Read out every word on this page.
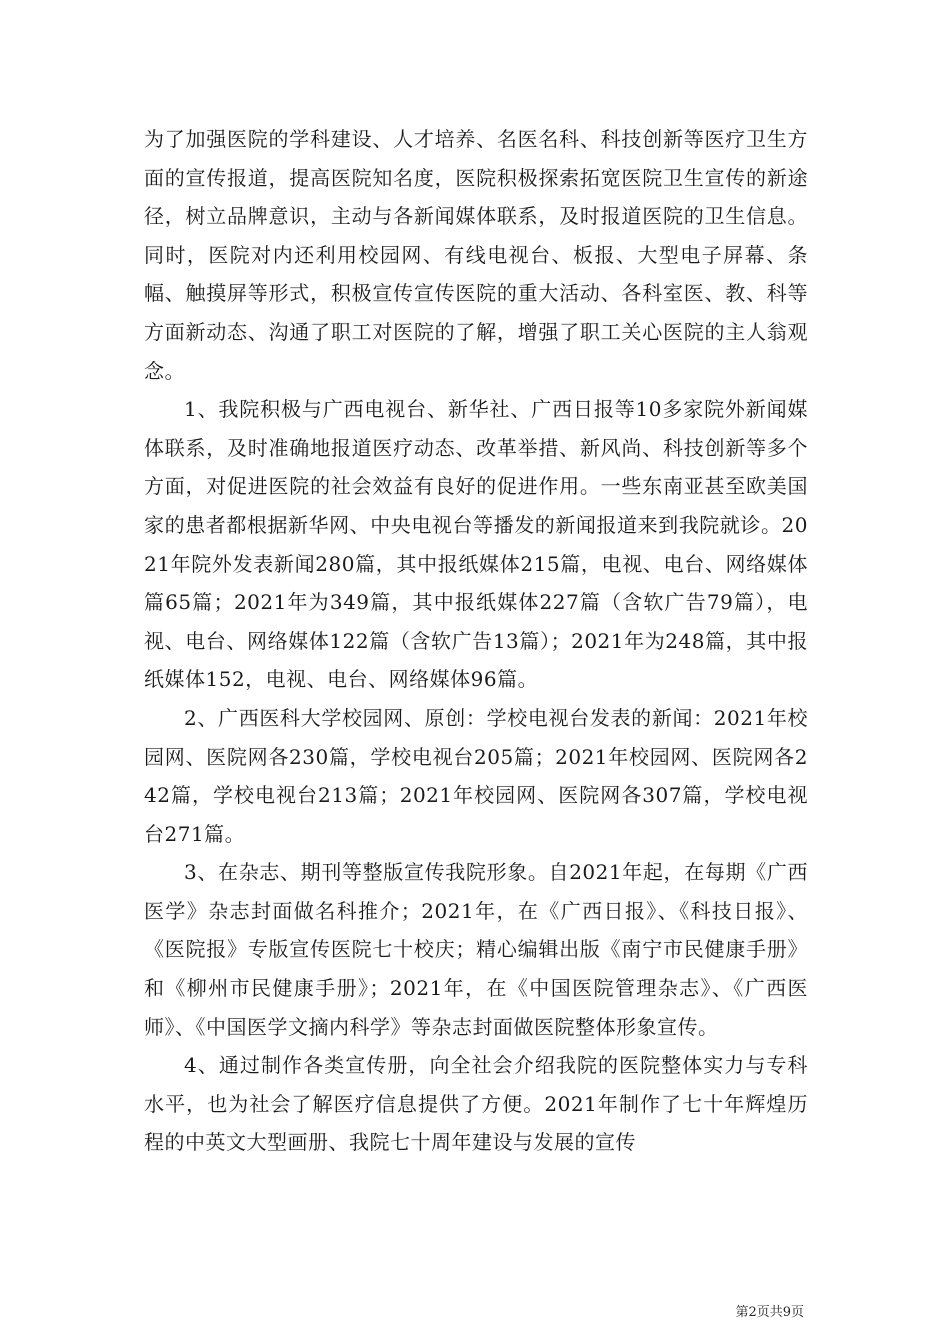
为了加强医院的学科建设、人才培养、名医名科、科技创新等医疗卫生方面的宣传报道，提高医院知名度，医院积极探索拓宽医院卫生宣传的新途径，树立品牌意识，主动与各新闻媒体联系，及时报道医院的卫生信息。同时，医院对内还利用校园网、有线电视台、板报、大型电子屏幕、条幅、触摸屏等形式，积极宣传宣传医院的重大活动、各科室医、教、科等方面新动态、沟通了职工对医院的了解，增强了职工关心医院的主人翁观念。

1、我院积极与广西电视台、新华社、广西日报等10多家院外新闻媒体联系，及时准确地报道医疗动态、改革举措、新风尚、科技创新等多个方面，对促进医院的社会效益有良好的促进作用。一些东南亚甚至欧美国家的患者都根据新华网、中央电视台等播发的新闻报道来到我院就诊。2021年院外发表新闻280篇，其中报纸媒体215篇，电视、电台、网络媒体篇65篇；2021年为349篇，其中报纸媒体227篇（含软广告79篇），电视、电台、网络媒体122篇（含软广告13篇）；2021年为248篇，其中报纸媒体152，电视、电台、网络媒体96篇。

2、广西医科大学校园网、原创：学校电视台发表的新闻：2021年校园网、医院网各230篇，学校电视台205篇；2021年校园网、医院网各242篇，学校电视台213篇；2021年校园网、医院网各307篇，学校电视台271篇。

3、在杂志、期刊等整版宣传我院形象。自2021年起，在每期《广西医学》杂志封面做名科推介；2021年，在《广西日报》、《科技日报》、《医院报》专版宣传医院七十校庆；精心编辑出版《南宁市民健康手册》和《柳州市民健康手册》；2021年，在《中国医院管理杂志》、《广西医师》、《中国医学文摘内科学》等杂志封面做医院整体形象宣传。

4、通过制作各类宣传册，向全社会介绍我院的医院整体实力与专科水平，也为社会了解医疗信息提供了方便。2021年制作了七十年辉煌历程的中英文大型画册、我院七十周年建设与发展的宣传

第2页共9页
